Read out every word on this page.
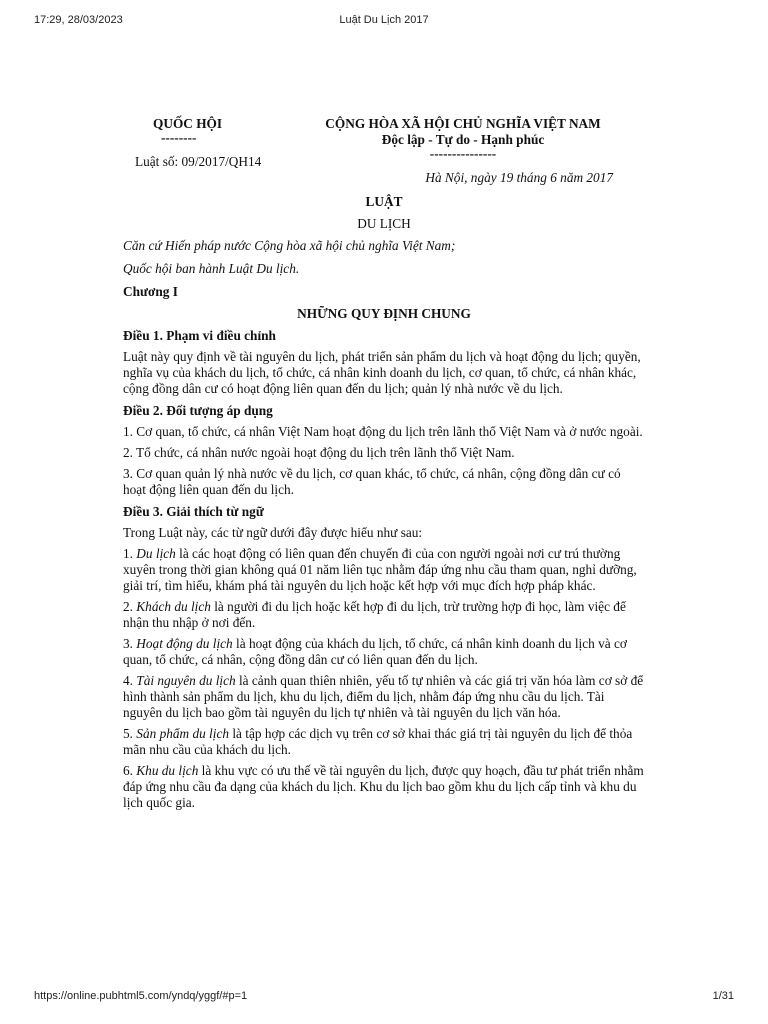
17:29, 28/03/2023	Luật Du Lịch 2017
QUỐC HỘI
--------
Luật số: 09/2017/QH14
CỘNG HÒA XÃ HỘI CHỦ NGHĨA VIỆT NAM
Độc lập - Tự do - Hạnh phúc
---------------
Hà Nội, ngày 19 tháng 6 năm 2017
LUẬT
DU LỊCH
Căn cứ Hiến pháp nước Cộng hòa xã hội chủ nghĩa Việt Nam;
Quốc hội ban hành Luật Du lịch.
Chương I
NHỮNG QUY ĐỊNH CHUNG
Điều 1. Phạm vi điều chỉnh
Luật này quy định về tài nguyên du lịch, phát triển sản phẩm du lịch và hoạt động du lịch; quyền, nghĩa vụ của khách du lịch, tổ chức, cá nhân kinh doanh du lịch, cơ quan, tổ chức, cá nhân khác, cộng đồng dân cư có hoạt động liên quan đến du lịch; quản lý nhà nước về du lịch.
Điều 2. Đối tượng áp dụng
1. Cơ quan, tổ chức, cá nhân Việt Nam hoạt động du lịch trên lãnh thổ Việt Nam và ở nước ngoài.
2. Tổ chức, cá nhân nước ngoài hoạt động du lịch trên lãnh thổ Việt Nam.
3. Cơ quan quản lý nhà nước về du lịch, cơ quan khác, tổ chức, cá nhân, cộng đồng dân cư có hoạt động liên quan đến du lịch.
Điều 3. Giải thích từ ngữ
Trong Luật này, các từ ngữ dưới đây được hiểu như sau:
1. Du lịch là các hoạt động có liên quan đến chuyến đi của con người ngoài nơi cư trú thường xuyên trong thời gian không quá 01 năm liên tục nhằm đáp ứng nhu cầu tham quan, nghỉ dưỡng, giải trí, tìm hiểu, khám phá tài nguyên du lịch hoặc kết hợp với mục đích hợp pháp khác.
2. Khách du lịch là người đi du lịch hoặc kết hợp đi du lịch, trừ trường hợp đi học, làm việc để nhận thu nhập ở nơi đến.
3. Hoạt động du lịch là hoạt động của khách du lịch, tổ chức, cá nhân kinh doanh du lịch và cơ quan, tổ chức, cá nhân, cộng đồng dân cư có liên quan đến du lịch.
4. Tài nguyên du lịch là cảnh quan thiên nhiên, yếu tố tự nhiên và các giá trị văn hóa làm cơ sở để hình thành sản phẩm du lịch, khu du lịch, điểm du lịch, nhằm đáp ứng nhu cầu du lịch. Tài nguyên du lịch bao gồm tài nguyên du lịch tự nhiên và tài nguyên du lịch văn hóa.
5. Sản phẩm du lịch là tập hợp các dịch vụ trên cơ sở khai thác giá trị tài nguyên du lịch để thỏa mãn nhu cầu của khách du lịch.
6. Khu du lịch là khu vực có ưu thế về tài nguyên du lịch, được quy hoạch, đầu tư phát triển nhằm đáp ứng nhu cầu đa dạng của khách du lịch. Khu du lịch bao gồm khu du lịch cấp tỉnh và khu du lịch quốc gia.
https://online.pubhtml5.com/yndq/yggf/#p=1	1/31
